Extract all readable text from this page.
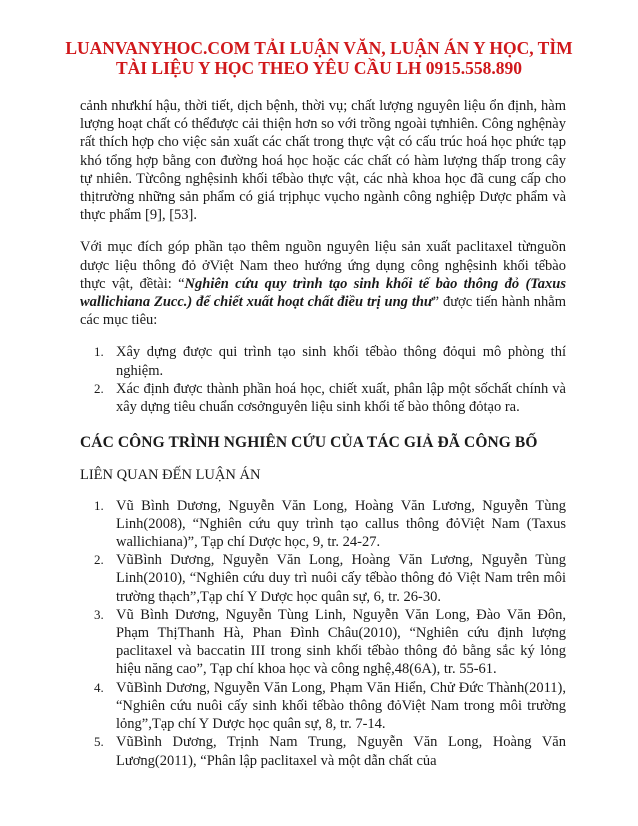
LUANVANYHOC.COM TẢI LUẬN VĂN, LUẬN ÁN Y HỌC, TÌM
TÀI LIỆU Y HỌC THEO YÊU CẦU LH 0915.558.890

cảnh nhưkhí hậu, thời tiết, dịch bệnh, thời vụ; chất lượng nguyên liệu ổn định, hàm lượng hoạt chất có thểđược cải thiện hơn so với trồng ngoài tựnhiên. Công nghệnày rất thích hợp cho việc sản xuất các chất trong thực vật có cấu trúc hoá học phức tạp khó tổng hợp bằng con đường hoá học hoặc các chất có hàm lượng thấp trong cây tự nhiên. Từcông nghệsinh khối tếbào thực vật, các nhà khoa học đã cung cấp cho thịtrường những sản phẩm có giá trịphục vụcho ngành công nghiệp Dược phẩm và thực phẩm [9], [53].

Với mục đích góp phần tạo thêm nguồn nguyên liệu sản xuất paclitaxel từnguồn dược liệu thông đỏ ởViệt Nam theo hướng ứng dụng công nghệsinh khối tếbào thực vật, đềtài: “Nghiên cứu quy trình tạo sinh khối tế bào thông đỏ (Taxus wallichiana Zucc.) để chiết xuất hoạt chất điều trị ung thư” được tiến hành nhằm các mục tiêu:

1. Xây dựng được qui trình tạo sinh khối tếbào thông đỏqui mô phòng thí nghiệm.
2. Xác định được thành phần hoá học, chiết xuất, phân lập một sốchất chính và xây dựng tiêu chuẩn cơsởnguyên liệu sinh khối tế bào thông đỏtạo ra.

CÁC CÔNG TRÌNH NGHIÊN CỨU CỦA TÁC GIẢ ĐÃ CÔNG BỐ

LIÊN QUAN ĐẾN LUẬN ÁN

1. Vũ Bình Dương, Nguyễn Văn Long, Hoàng Văn Lương, Nguyễn Tùng Linh(2008), “Nghiên cứu quy trình tạo callus thông đỏViệt Nam (Taxus wallichiana)”, Tạp chí Dược học, 9, tr. 24-27.
2. VũBình Dương, Nguyễn Văn Long, Hoàng Văn Lương, Nguyễn Tùng Linh(2010), “Nghiên cứu duy trì nuôi cấy tếbào thông đỏ Việt Nam trên môi trường thạch”,Tạp chí Y Dược học quân sự, 6, tr. 26-30.
3. Vũ Bình Dương, Nguyễn Tùng Linh, Nguyễn Văn Long, Đào Văn Đôn, Phạm ThịThanh Hà, Phan Đình Châu(2010), “Nghiên cứu định lượng paclitaxel và baccatin III trong sinh khối tếbào thông đỏ bằng sắc ký lỏng hiệu năng cao”, Tạp chí khoa học và công nghệ,48(6A), tr. 55-61.
4. VũBình Dương, Nguyễn Văn Long, Phạm Văn Hiển, Chử Đức Thành(2011), “Nghiên cứu nuôi cấy sinh khối tếbào thông đỏViệt Nam trong môi trường lỏng”,Tạp chí Y Dược học quân sự, 8, tr. 7-14.
5. VũBình Dương, Trịnh Nam Trung, Nguyễn Văn Long, Hoàng Văn Lương(2011), “Phân lập paclitaxel và một dẫn chất của
